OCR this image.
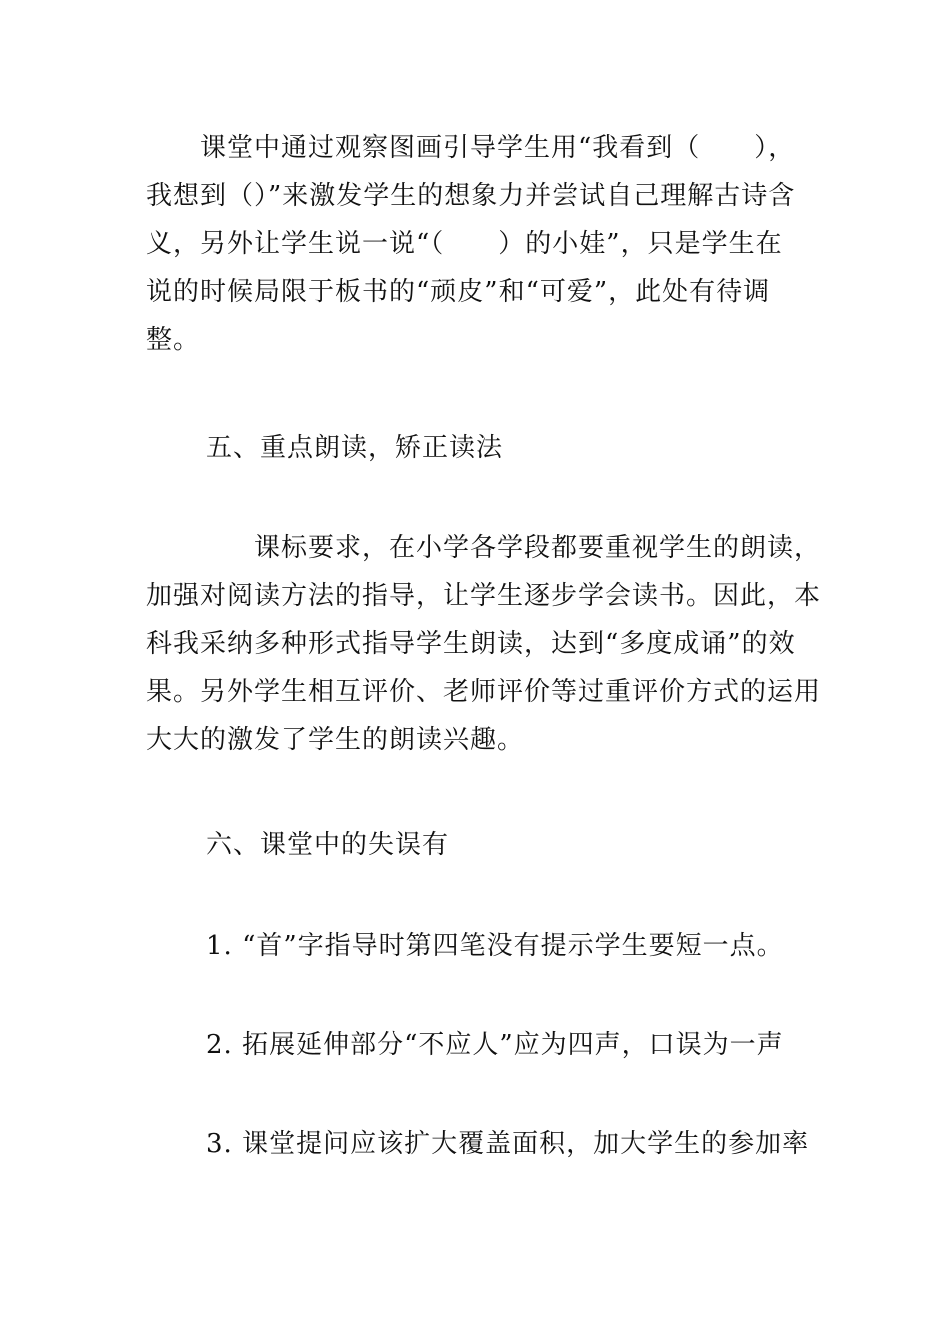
　　课堂中通过观察图画引导学生用“我看到（　　），
我想到（）”来激发学生的想象力并尝试自己理解古诗含
义，另外让学生说一说“（　　）的小娃”，只是学生在
说的时候局限于板书的“顽皮”和“可爱”，此处有待调
整。
五、重点朗读，矫正读法
　　　　课标要求，在小学各学段都要重视学生的朗读，
加强对阅读方法的指导，让学生逐步学会读书。因此，本
科我采纳多种形式指导学生朗读，达到“多度成诵”的效
果。另外学生相互评价、老师评价等过重评价方式的运用
大大的激发了学生的朗读兴趣。
六、课堂中的失误有
1. “首”字指导时第四笔没有提示学生要短一点。
2. 拓展延伸部分“不应人”应为四声，口误为一声
3. 课堂提问应该扩大覆盖面积，加大学生的参加率
